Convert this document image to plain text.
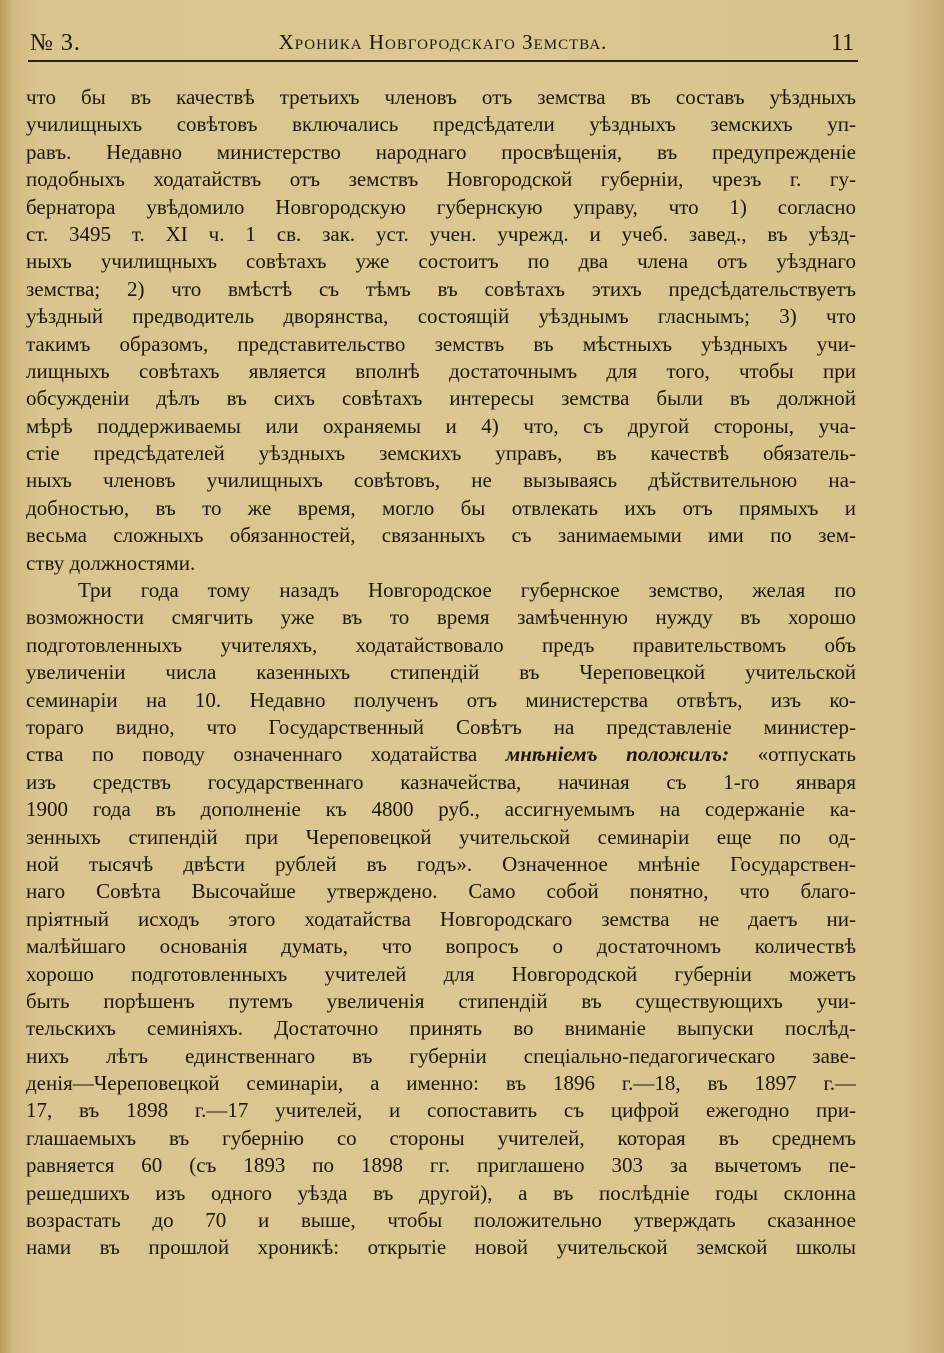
№ 3.	Хроника Новгородскаго Земства.	11
что бы въ качествѣ третьихъ членовъ отъ земства въ составъ уѣздныхъ
училищныхъ совѣтовъ включались предсѣдатели уѣздныхъ земскихъ уп-
равъ. Недавно министерство народнаго просвѣщенія, въ предупрежденіе
подобныхъ ходатайствъ отъ земствъ Новгородской губерніи, чрезъ г. гу-
бернатора увѣдомило Новгородскую губернскую управу, что 1) согласно
ст. 3495 т. XI ч. 1 св. зак. уст. учен. учрежд. и учеб. завед., въ уѣзд-
ныхъ училищныхъ совѣтахъ уже состоитъ по два члена отъ уѣзднаго
земства; 2) что вмѣстѣ съ тѣмъ въ совѣтахъ этихъ предсѣдательствуетъ
уѣздный предводитель дворянства, состоящій уѣзднымъ гласнымъ; 3) что
такимъ образомъ, представительство земствъ въ мѣстныхъ уѣздныхъ учи-
лищныхъ совѣтахъ является вполнѣ достаточнымъ для того, чтобы при
обсужденіи дѣлъ въ сихъ совѣтахъ интересы земства были въ должной
мѣрѣ поддерживаемы или охраняемы и 4) что, съ другой стороны, уча-
стіе предсѣдателей уѣздныхъ земскихъ управъ, въ качествѣ обязатель-
ныхъ членовъ училищныхъ совѣтовъ, не вызываясь дѣйствительною на-
добностью, въ то же время, могло бы отвлекать ихъ отъ прямыхъ и
весьма сложныхъ обязанностей, связанныхъ съ занимаемыми ими по зем-
ству должностями.
Три года тому назадъ Новгородское губернское земство, желая по
возможности смягчить уже въ то время замѣченную нужду въ хорошо
подготовленныхъ учителяхъ, ходатайствовало предъ правительствомъ объ
увеличеніи числа казенныхъ стипендій въ Череповецкой учительской
семинаріи на 10. Недавно полученъ отъ министерства отвѣтъ, изъ ко-
тораго видно, что Государственный Совѣтъ на представленіе министер-
ства по поводу означеннаго ходатайства мнѣніемъ положилъ: «отпускать
изъ средствъ государственнаго казначейства, начиная съ 1-го января
1900 года въ дополненіе къ 4800 руб., ассигнуемымъ на содержаніе ка-
зенныхъ стипендій при Череповецкой учительской семинаріи еще по од-
ной тысячѣ двѣсти рублей въ годъ». Означенное мнѣніе Государствен-
наго Совѣта Высочайше утверждено. Само собой понятно, что благо-
пріятный исходъ этого ходатайства Новгородскаго земства не даетъ ни-
малѣйшаго основанія думать, что вопросъ о достаточномъ количествѣ
хорошо подготовленныхъ учителей для Новгородской губерніи можетъ
быть порѣшенъ путемъ увеличенія стипендій въ существующихъ учи-
тельскихъ семиніяхъ. Достаточно принять во вниманіе выпуски послѣд-
нихъ лѣтъ единственнаго въ губерніи спеціально-педагогическаго заве-
денія—Череповецкой семинаріи, а именно: въ 1896 г.—18, въ 1897 г.—
17, въ 1898 г.—17 учителей, и сопоставить съ цифрой ежегодно при-
глашаемыхъ въ губернію со стороны учителей, которая въ среднемъ
равняется 60 (съ 1893 по 1898 гг. приглашено 303 за вычетомъ пе-
решедшихъ изъ одного уѣзда въ другой), а въ послѣдніе годы склонна
возрастать до 70 и выше, чтобы положительно утверждать сказанное
нами въ прошлой хроникѣ: открытіе новой учительской земской школы
